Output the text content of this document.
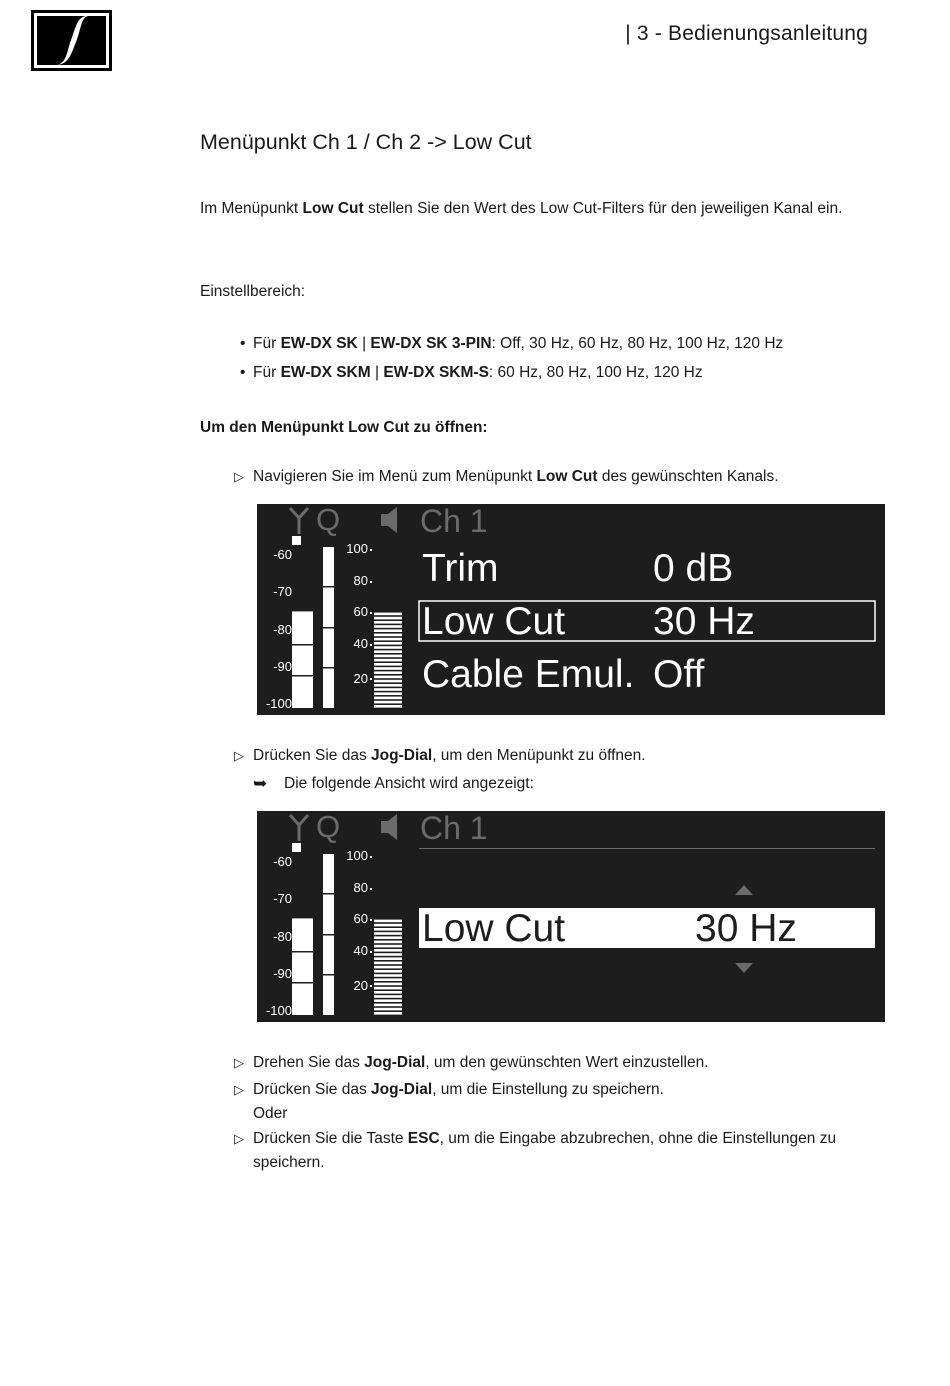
| 3 - Bedienungsanleitung
Menüpunkt Ch 1 / Ch 2 -> Low Cut
Im Menüpunkt Low Cut stellen Sie den Wert des Low Cut-Filters für den jeweiligen Kanal ein.
Einstellbereich:
• Für EW-DX SK | EW-DX SK 3-PIN: Off, 30 Hz, 60 Hz, 80 Hz, 100 Hz, 120 Hz
• Für EW-DX SKM | EW-DX SKM-S: 60 Hz, 80 Hz, 100 Hz, 120 Hz
Um den Menüpunkt Low Cut zu öffnen:
▷ Navigieren Sie im Menü zum Menüpunkt Low Cut des gewünschten Kanals.
Q Ch 1
-60
-70
-80
-90
-100
100
80
60
40
20
Trim	0 dB
Low Cut 30 Hz
Cable Emul. Off
▷ Drücken Sie das Jog-Dial, um den Menüpunkt zu öffnen.
➥	Die folgende Ansicht wird angezeigt:
Q Ch 1
-60
-70
-80
-90
-100
100
80
60
40
20
Low Cut	30 Hz
▷ Drehen Sie das Jog-Dial, um den gewünschten Wert einzustellen.
▷ Drücken Sie das Jog-Dial, um die Einstellung zu speichern.
Oder
▷ Drücken Sie die Taste ESC, um die Eingabe abzubrechen, ohne die Einstellungen zu speichern.
